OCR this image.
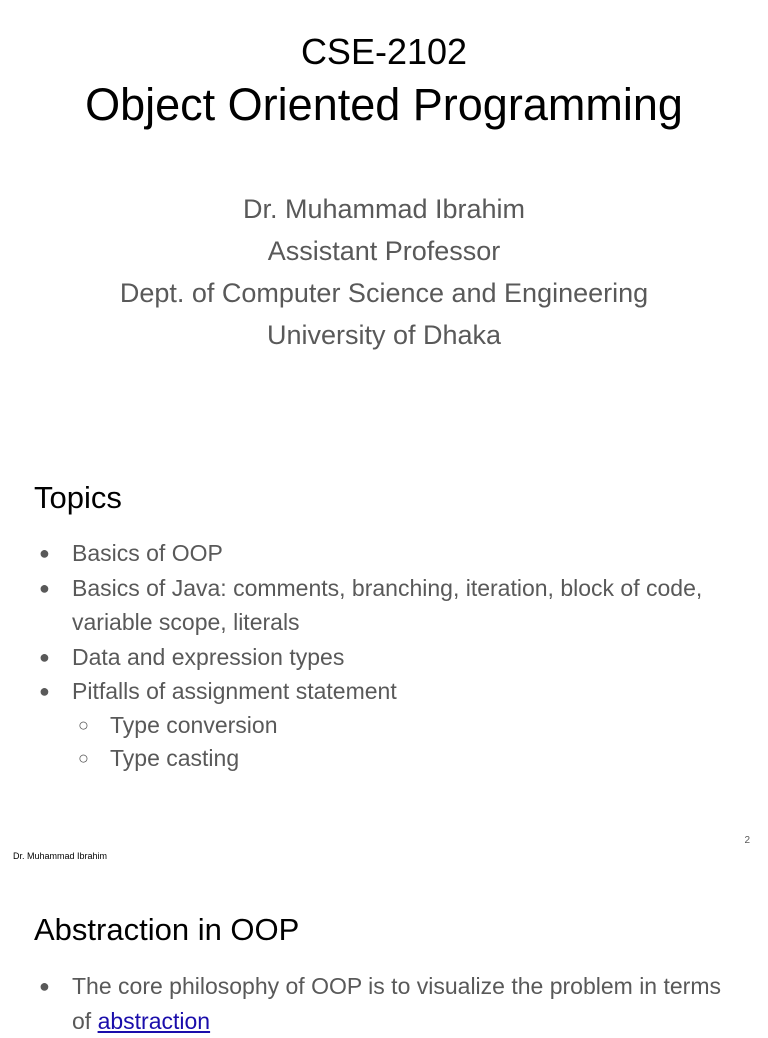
CSE-2102
Object Oriented Programming
Dr. Muhammad Ibrahim
Assistant Professor
Dept. of Computer Science and Engineering
University of Dhaka
Topics
● Basics of OOP
● Basics of Java: comments, branching, iteration, block of code, variable scope, literals
● Data and expression types
● Pitfalls of assignment statement
○ Type conversion
○ Type casting
2
Dr. Muhammad Ibrahim
Abstraction in OOP
● The core philosophy of OOP is to visualize the problem in terms of abstraction
